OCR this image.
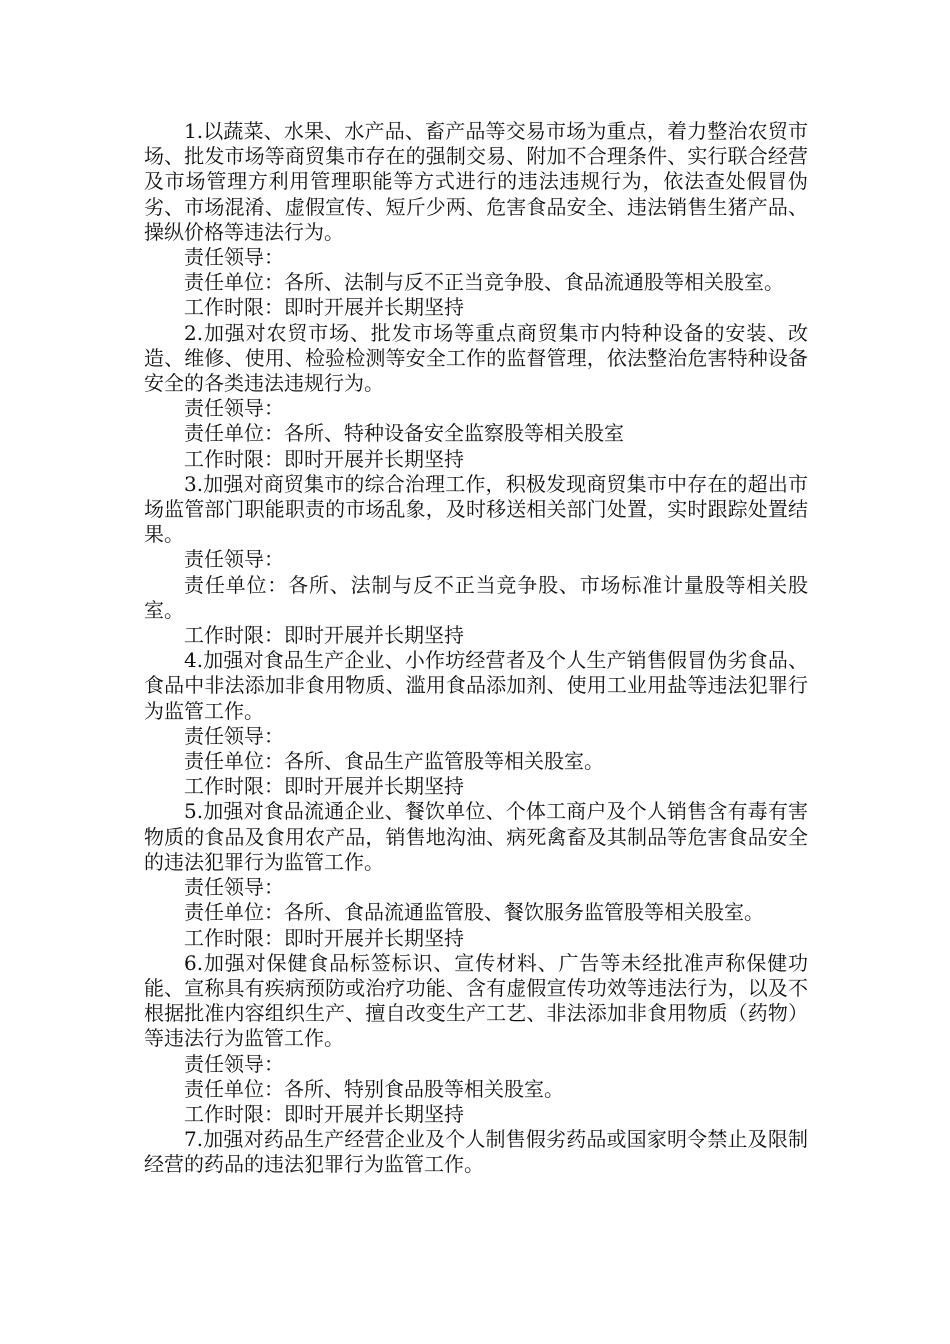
1.以蔬菜、水果、水产品、畜产品等交易市场为重点，着力整治农贸市场、批发市场等商贸集市存在的强制交易、附加不合理条件、实行联合经营及市场管理方利用管理职能等方式进行的违法违规行为，依法查处假冒伪劣、市场混淆、虚假宣传、短斤少两、危害食品安全、违法销售生猪产品、操纵价格等违法行为。

责任领导：

责任单位：各所、法制与反不正当竞争股、食品流通股等相关股室。

工作时限：即时开展并长期坚持

2.加强对农贸市场、批发市场等重点商贸集市内特种设备的安装、改造、维修、使用、检验检测等安全工作的监督管理，依法整治危害特种设备安全的各类违法违规行为。

责任领导：

责任单位：各所、特种设备安全监察股等相关股室

工作时限：即时开展并长期坚持

3.加强对商贸集市的综合治理工作，积极发现商贸集市中存在的超出市场监管部门职能职责的市场乱象，及时移送相关部门处置，实时跟踪处置结果。

责任领导：

责任单位：各所、法制与反不正当竞争股、市场标准计量股等相关股室。

工作时限：即时开展并长期坚持

4.加强对食品生产企业、小作坊经营者及个人生产销售假冒伪劣食品、食品中非法添加非食用物质、滥用食品添加剂、使用工业用盐等违法犯罪行为监管工作。

责任领导：

责任单位：各所、食品生产监管股等相关股室。

工作时限：即时开展并长期坚持

5.加强对食品流通企业、餐饮单位、个体工商户及个人销售含有毒有害物质的食品及食用农产品，销售地沟油、病死禽畜及其制品等危害食品安全的违法犯罪行为监管工作。

责任领导：

责任单位：各所、食品流通监管股、餐饮服务监管股等相关股室。

工作时限：即时开展并长期坚持

6.加强对保健食品标签标识、宣传材料、广告等未经批准声称保健功能、宣称具有疾病预防或治疗功能、含有虚假宣传功效等违法行为，以及不根据批准内容组织生产、擅自改变生产工艺、非法添加非食用物质（药物）等违法行为监管工作。

责任领导：

责任单位：各所、特别食品股等相关股室。

工作时限：即时开展并长期坚持

7.加强对药品生产经营企业及个人制售假劣药品或国家明令禁止及限制经营的药品的违法犯罪行为监管工作。
